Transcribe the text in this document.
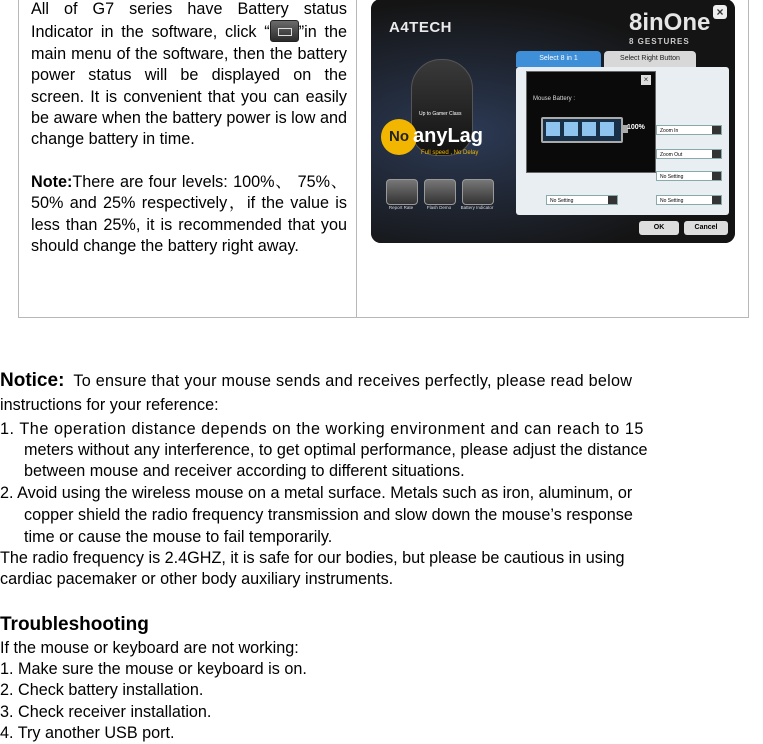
All of G7 series have Battery status Indicator in the software, click “ ”in the main menu of the software, then the battery power status will be displayed on the screen. It is convenient that you can easily be aware when the battery power is low and change battery in time.

Note:There are four levels: 100%、 75%、50% and 25% respectively，if the value is less than 25%, it is recommended that you should change the battery right away.

A4TECH	8inOne
8 GESTURES
×
Up to Gamer Class
No anyLag
Full speed , No Delay
Report Rate	Flash Demo	Battery Indicator
Select 8 in 1	Select Right Button
Zoom In
Zoom Out
No Setting
No Setting	No Setting
×
Mouse Battery :
100%
OK	Cancel
Notice: To ensure that your mouse sends and receives perfectly, please read below
instructions for your reference:
1. The operation distance depends on the working environment and can reach to 15
meters without any interference, to get optimal performance, please adjust the distance
between mouse and receiver according to different situations.
2. Avoid using the wireless mouse on a metal surface. Metals such as iron, aluminum, or
copper shield the radio frequency transmission and slow down the mouse’s response
time or cause the mouse to fail temporarily.
The radio frequency is 2.4GHZ, it is safe for our bodies, but please be cautious in using
cardiac pacemaker or other body auxiliary instruments.
Troubleshooting
If the mouse or keyboard are not working:
1. Make sure the mouse or keyboard is on.
2. Check battery installation.
3. Check receiver installation.
4. Try another USB port.
